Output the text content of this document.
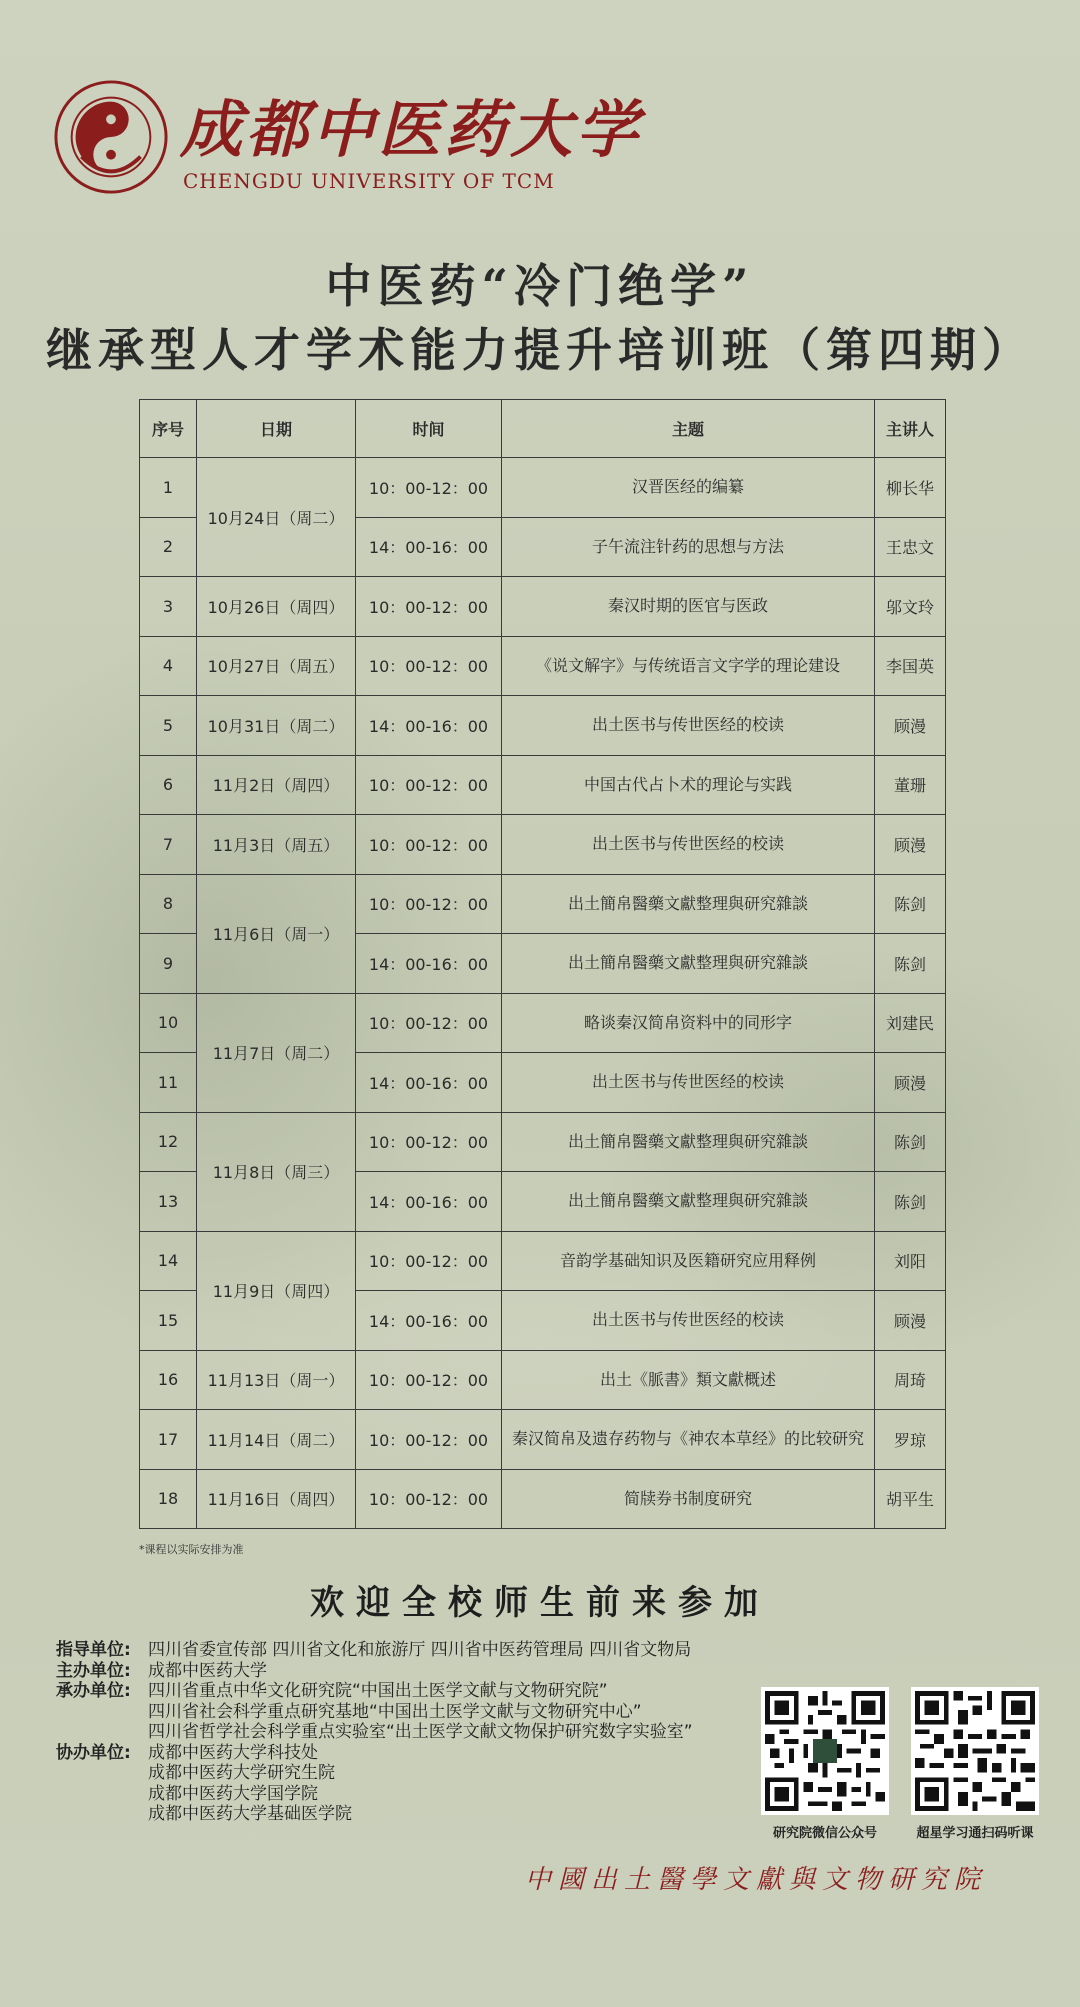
成都中医药大学
CHENGDU UNIVERSITY OF TCM
中医药“冷门绝学”
继承型人才学术能力提升培训班（第四期）
序号	日期	时间	主题	主讲人
1	10月24日（周二）	10：00-12：00	汉晋医经的编纂	柳长华
2		14：00-16：00	子午流注针药的思想与方法	王忠文
3	10月26日（周四）	10：00-12：00	秦汉时期的医官与医政	邬文玲
4	10月27日（周五）	10：00-12：00	《说文解字》与传统语言文字学的理论建设	李国英
5	10月31日（周二）	14：00-16：00	出土医书与传世医经的校读	顾漫
6	11月2日（周四）	10：00-12：00	中国古代占卜术的理论与实践	董珊
7	11月3日（周五）	10：00-12：00	出土医书与传世医经的校读	顾漫
8	11月6日（周一）	10：00-12：00	出土簡帛醫藥文獻整理與研究雜談	陈剑
9		14：00-16：00	出土簡帛醫藥文獻整理與研究雜談	陈剑
10	11月7日（周二）	10：00-12：00	略谈秦汉简帛资料中的同形字	刘建民
11		14：00-16：00	出土医书与传世医经的校读	顾漫
12	11月8日（周三）	10：00-12：00	出土簡帛醫藥文獻整理與研究雜談	陈剑
13		14：00-16：00	出土簡帛醫藥文獻整理與研究雜談	陈剑
14	11月9日（周四）	10：00-12：00	音韵学基础知识及医籍研究应用释例	刘阳
15		14：00-16：00	出土医书与传世医经的校读	顾漫
16	11月13日（周一）	10：00-12：00	出土《脈書》類文獻概述	周琦
17	11月14日（周二）	10：00-12：00	秦汉简帛及遗存药物与《神农本草经》的比较研究	罗琼
18	11月16日（周四）	10：00-12：00	简牍券书制度研究	胡平生
*课程以实际安排为准
欢迎全校师生前来参加
指导单位:	四川省委宣传部 四川省文化和旅游厅 四川省中医药管理局 四川省文物局
主办单位:	成都中医药大学
承办单位:	四川省重点中华文化研究院“中国出土医学文献与文物研究院”
四川省社会科学重点研究基地“中国出土医学文献与文物研究中心”
四川省哲学社会科学重点实验室“出土医学文献文物保护研究数字实验室”
协办单位:	成都中医药大学科技处
成都中医药大学研究生院
成都中医药大学国学院
成都中医药大学基础医学院
研究院微信公众号	超星学习通扫码听课
中國出土醫學文獻與文物研究院
